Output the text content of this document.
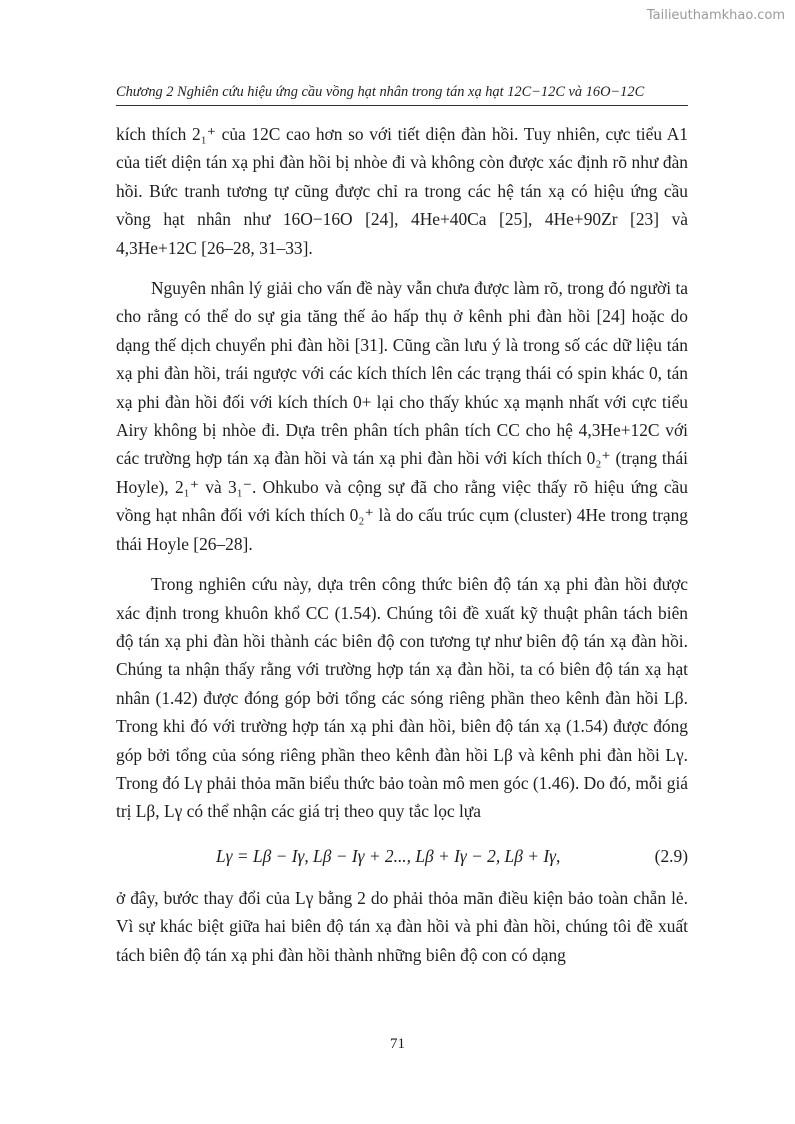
Tailieuthamkhao.com
Chương 2 Nghiên cứu hiệu ứng cầu vồng hạt nhân trong tán xạ hạt 12C−12C và 16O−12C

kích thích 2₁⁺ của 12C cao hơn so với tiết diện đàn hồi. Tuy nhiên, cực tiểu A1 của tiết diện tán xạ phi đàn hồi bị nhòe đi và không còn được xác định rõ như đàn hồi. Bức tranh tương tự cũng được chỉ ra trong các hệ tán xạ có hiệu ứng cầu vồng hạt nhân như 16O−16O [24], 4He+40Ca [25], 4He+90Zr [23] và 4,3He+12C [26–28, 31–33].

Nguyên nhân lý giải cho vấn đề này vẫn chưa được làm rõ, trong đó người ta cho rằng có thể do sự gia tăng thế ảo hấp thụ ở kênh phi đàn hồi [24] hoặc do dạng thế dịch chuyển phi đàn hồi [31]. Cũng cần lưu ý là trong số các dữ liệu tán xạ phi đàn hồi, trái ngược với các kích thích lên các trạng thái có spin khác 0, tán xạ phi đàn hồi đối với kích thích 0+ lại cho thấy khúc xạ mạnh nhất với cực tiểu Airy không bị nhòe đi. Dựa trên phân tích phân tích CC cho hệ 4,3He+12C với các trường hợp tán xạ đàn hồi và tán xạ phi đàn hồi với kích thích 0₂⁺ (trạng thái Hoyle), 2₁⁺ và 3₁⁻. Ohkubo và cộng sự đã cho rằng việc thấy rõ hiệu ứng cầu vồng hạt nhân đối với kích thích 0₂⁺ là do cấu trúc cụm (cluster) 4He trong trạng thái Hoyle [26–28].

Trong nghiên cứu này, dựa trên công thức biên độ tán xạ phi đàn hồi được xác định trong khuôn khổ CC (1.54). Chúng tôi đề xuất kỹ thuật phân tách biên độ tán xạ phi đàn hồi thành các biên độ con tương tự như biên độ tán xạ đàn hồi. Chúng ta nhận thấy rằng với trường hợp tán xạ đàn hồi, ta có biên độ tán xạ hạt nhân (1.42) được đóng góp bởi tổng các sóng riêng phần theo kênh đàn hồi Lβ. Trong khi đó với trường hợp tán xạ phi đàn hồi, biên độ tán xạ (1.54) được đóng góp bởi tổng của sóng riêng phần theo kênh đàn hồi Lβ và kênh phi đàn hồi Lγ. Trong đó Lγ phải thỏa mãn biểu thức bảo toàn mô men góc (1.46). Do đó, mỗi giá trị Lβ, Lγ có thể nhận các giá trị theo quy tắc lọc lựa

Lγ = Lβ − Iγ, Lβ − Iγ + 2..., Lβ + Iγ − 2, Lβ + Iγ,	(2.9)

ở đây, bước thay đổi của Lγ bằng 2 do phải thỏa mãn điều kiện bảo toàn chẵn lẻ. Vì sự khác biệt giữa hai biên độ tán xạ đàn hồi và phi đàn hồi, chúng tôi đề xuất tách biên độ tán xạ phi đàn hồi thành những biên độ con có dạng

71
